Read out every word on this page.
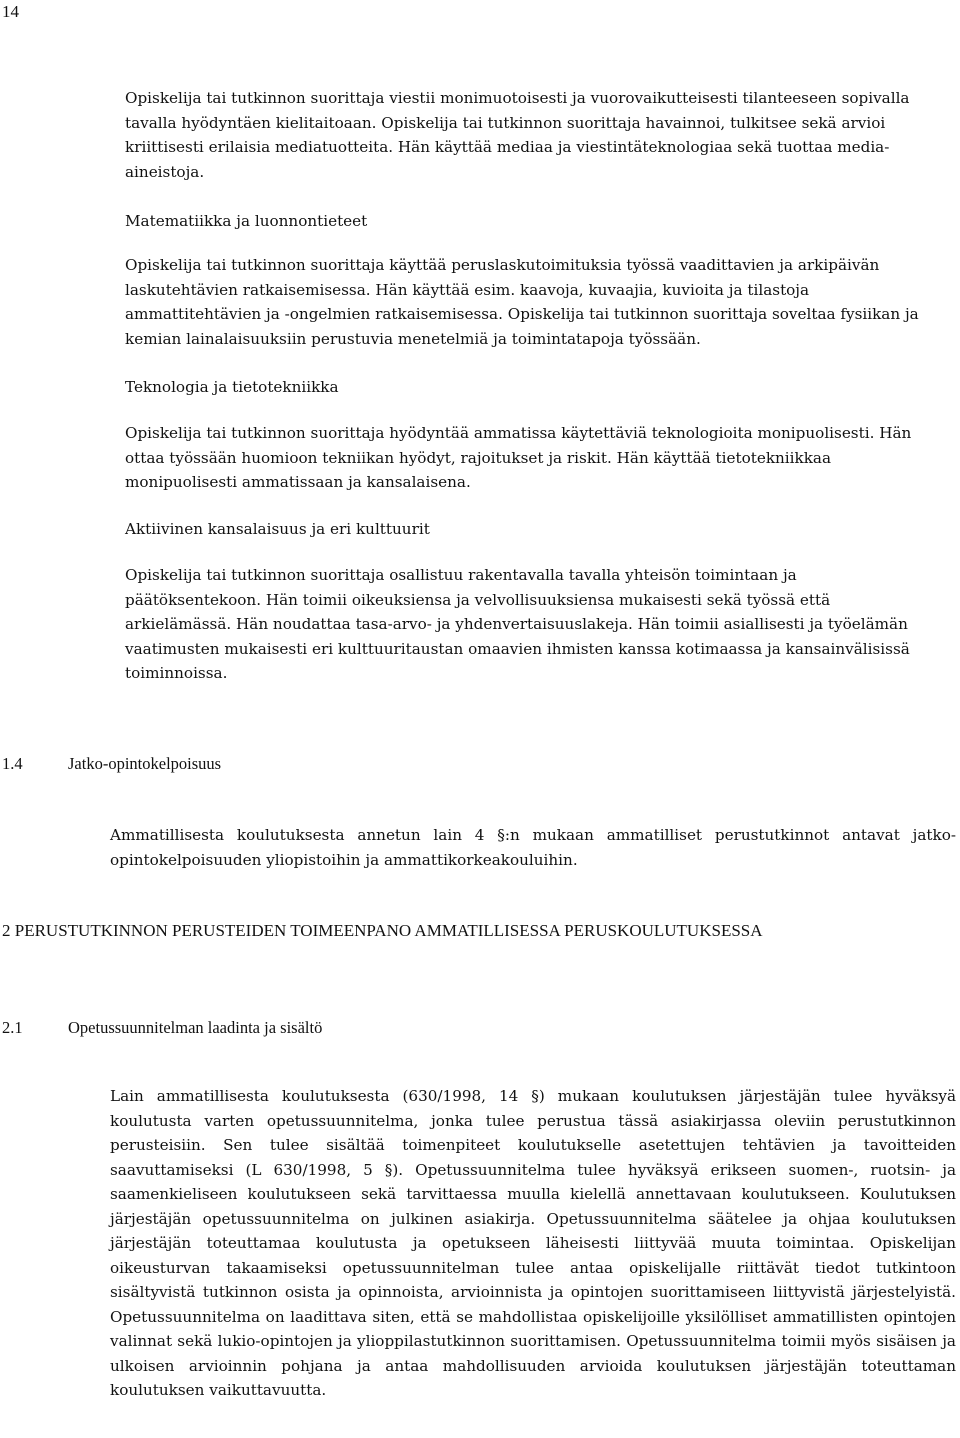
14

Opiskelija tai tutkinnon suorittaja viestii monimuotoisesti ja vuorovaikutteisesti tilanteeseen sopivalla tavalla hyödyntäen kielitaitoaan. Opiskelija tai tutkinnon suorittaja havainnoi, tulkitsee sekä arvioi kriittisesti erilaisia mediatuotteita. Hän käyttää mediaa ja viestintäteknologiaa sekä tuottaa media-aineistoja.

Matematiikka ja luonnontieteet

Opiskelija tai tutkinnon suorittaja käyttää peruslaskutoimituksia työssä vaadittavien ja arkipäivän laskutehtävien ratkaisemisessa. Hän käyttää esim. kaavoja, kuvaajia, kuvioita ja tilastoja ammattitehtävien ja -ongelmien ratkaisemisessa. Opiskelija tai tutkinnon suorittaja soveltaa fysiikan ja kemian lainalaisuuksiin perustuvia menetelmiä ja toimintatapoja työssään.

Teknologia ja tietotekniikka

Opiskelija tai tutkinnon suorittaja hyödyntää ammatissa käytettäviä teknologioita monipuolisesti. Hän ottaa työssään huomioon tekniikan hyödyt, rajoitukset ja riskit. Hän käyttää tietotekniikkaa monipuolisesti ammatissaan ja kansalaisena.

Aktiivinen kansalaisuus ja eri kulttuurit

Opiskelija tai tutkinnon suorittaja osallistuu rakentavalla tavalla yhteisön toimintaan ja päätöksentekoon. Hän toimii oikeuksiensa ja velvollisuuksiensa mukaisesti sekä työssä että arkielämässä. Hän noudattaa tasa-arvo- ja yhdenvertaisuuslakeja. Hän toimii asiallisesti ja työelämän vaatimusten mukaisesti eri kulttuuritaustan omaavien ihmisten kanssa kotimaassa ja kansainvälisissä toiminnoissa.

1.4	Jatko-opintokelpoisuus

Ammatillisesta koulutuksesta annetun lain 4 §:n mukaan ammatilliset perustutkinnot antavat jatko-opintokelpoisuuden yliopistoihin ja ammattikorkeakouluihin.

2 PERUSTUTKINNON PERUSTEIDEN TOIMEENPANO AMMATILLISESSA PERUSKOULUTUKSESSA
2.1	Opetussuunnitelman laadinta ja sisältö

Lain ammatillisesta koulutuksesta (630/1998, 14 §) mukaan koulutuksen järjestäjän tulee hyväksyä koulutusta varten opetussuunnitelma, jonka tulee perustua tässä asiakirjassa oleviin perustutkinnon perusteisiin. Sen tulee sisältää toimenpiteet koulutukselle asetettujen tehtävien ja tavoitteiden saavuttamiseksi (L 630/1998, 5 §). Opetussuunnitelma tulee hyväksyä erikseen suomen-, ruotsin- ja saamenkieliseen koulutukseen sekä tarvittaessa muulla kielellä annettavaan koulutukseen. Koulutuksen järjestäjän opetussuunnitelma on julkinen asiakirja. Opetussuunnitelma säätelee ja ohjaa koulutuksen järjestäjän toteuttamaa koulutusta ja opetukseen läheisesti liittyvää muuta toimintaa. Opiskelijan oikeusturvan takaamiseksi opetussuunnitelman tulee antaa opiskelijalle riittävät tiedot tutkintoon sisältyvistä tutkinnon osista ja opinnoista, arvioinnista ja opintojen suorittamiseen liittyvistä järjestelyistä. Opetussuunnitelma on laadittava siten, että se mahdollistaa opiskelijoille yksilölliset ammatillisten opintojen valinnat sekä lukio-opintojen ja ylioppilastutkinnon suorittamisen. Opetussuunnitelma toimii myös sisäisen ja ulkoisen arvioinnin pohjana ja antaa mahdollisuuden arvioida koulutuksen järjestäjän toteuttaman koulutuksen vaikuttavuutta.
